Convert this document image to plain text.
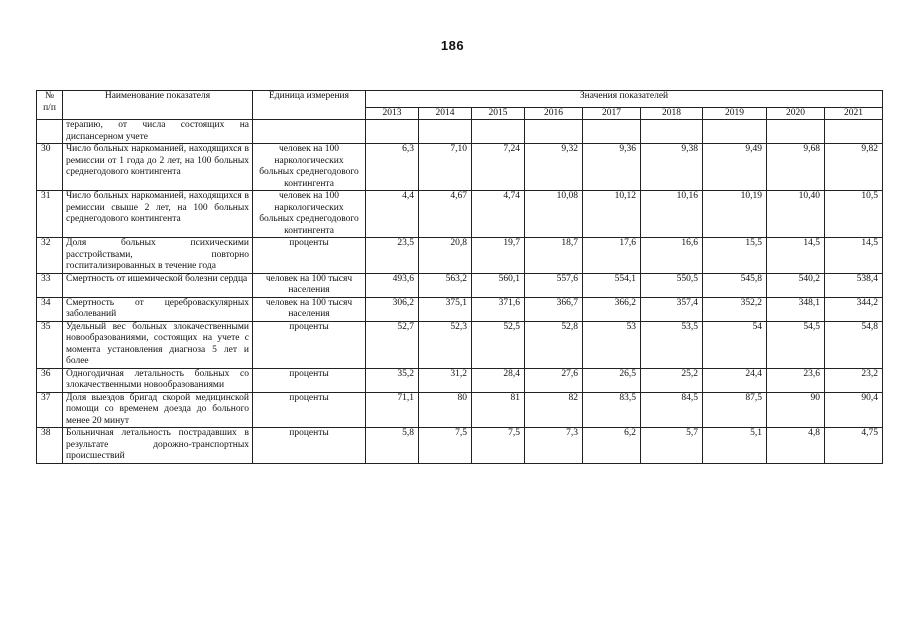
186
№ п/п	Наименование показателя	Единица измерения	Значения показателей								
			2013	2014	2015	2016	2017	2018	2019	2020	2021
	терапию, от числа состоящих на диспансерном учете										
30	Число больных наркоманией, находящихся в ремиссии от 1 года до 2 лет, на 100 больных среднегодового контингента	человек на 100 наркологических больных среднегодового контингента	6,3	7,10	7,24	9,32	9,36	9,38	9,49	9,68	9,82
31	Число больных наркоманией, находящихся в ремиссии свыше 2 лет, на 100 больных среднегодового контингента	человек на 100 наркологических больных среднегодового контингента	4,4	4,67	4,74	10,08	10,12	10,16	10,19	10,40	10,5
32	Доля больных психическими расстройствами, повторно госпитализированных в течение года	проценты	23,5	20,8	19,7	18,7	17,6	16,6	15,5	14,5	14,5
33	Смертность от ишемической болезни сердца	человек на 100 тысяч населения	493,6	563,2	560,1	557,6	554,1	550,5	545,8	540,2	538,4
34	Смертность от цереброваскулярных заболеваний	человек на 100 тысяч населения	306,2	375,1	371,6	366,7	366,2	357,4	352,2	348,1	344,2
35	Удельный вес больных злокачественными новообразованиями, состоящих на учете с момента установления диагноза 5 лет и более	проценты	52,7	52,3	52,5	52,8	53	53,5	54	54,5	54,8
36	Одногодичная летальность больных со злокачественными новообразованиями	проценты	35,2	31,2	28,4	27,6	26,5	25,2	24,4	23,6	23,2
37	Доля выездов бригад скорой медицинской помощи со временем доезда до больного менее 20 минут	проценты	71,1	80	81	82	83,5	84,5	87,5	90	90,4
38	Больничная летальность пострадавших в результате дорожно-транспортных происшествий	проценты	5,8	7,5	7,5	7,3	6,2	5,7	5,1	4,8	4,75
